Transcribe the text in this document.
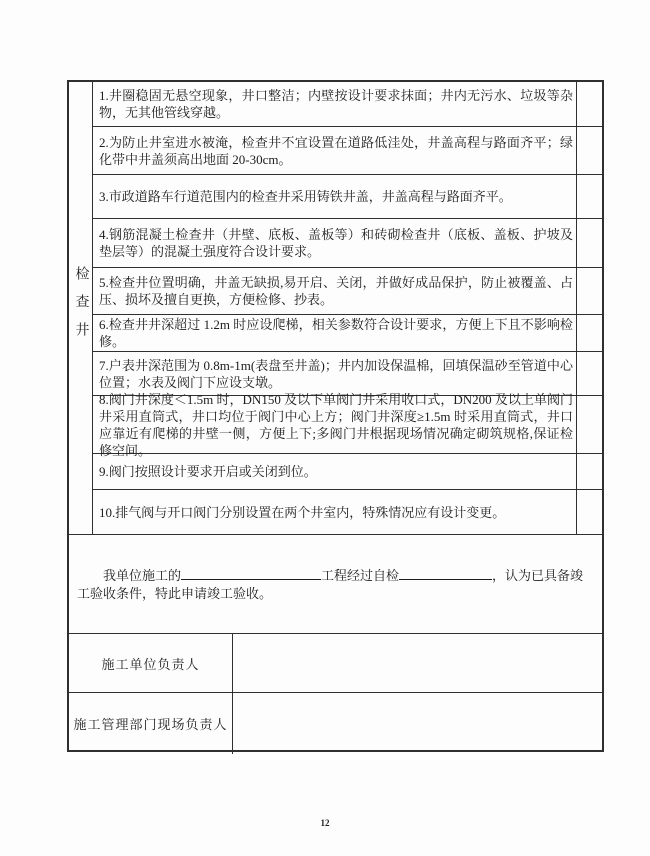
检查井
1.井圈稳固无悬空现象，井口整洁；内壁按设计要求抹面；井内无污水、垃圾等杂物，无其他管线穿越。
2.为防止井室进水被淹，检查井不宜设置在道路低洼处，井盖高程与路面齐平；绿化带中井盖须高出地面 20-30cm。
3.市政道路车行道范围内的检查井采用铸铁井盖，井盖高程与路面齐平。
4.钢筋混凝土检查井（井壁、底板、盖板等）和砖砌检查井（底板、盖板、护坡及垫层等）的混凝土强度符合设计要求。
5.检查井位置明确，井盖无缺损,易开启、关闭，并做好成品保护，防止被覆盖、占压、损坏及擅自更换，方便检修、抄表。
6.检查井井深超过 1.2m 时应设爬梯，相关参数符合设计要求，方便上下且不影响检修。
7.户表井深范围为 0.8m-1m(表盘至井盖)；井内加设保温棉，回填保温砂至管道中心位置；水表及阀门下应设支墩。
8.阀门井深度＜1.5m 时，DN150 及以下单阀门井采用收口式，DN200 及以上单阀门井采用直筒式，井口均位于阀门中心上方；阀门井深度≥1.5m 时采用直筒式，井口应靠近有爬梯的井壁一侧，方便上下;多阀门井根据现场情况确定砌筑规格,保证检修空间。
9.阀门按照设计要求开启或关闭到位。
10.排气阀与开口阀门分别设置在两个井室内，特殊情况应有设计变更。
我单位施工的	工程经过自检	，认为已具备竣工验收条件，特此申请竣工验收。
施工单位负责人
施工管理部门现场负责人
12
